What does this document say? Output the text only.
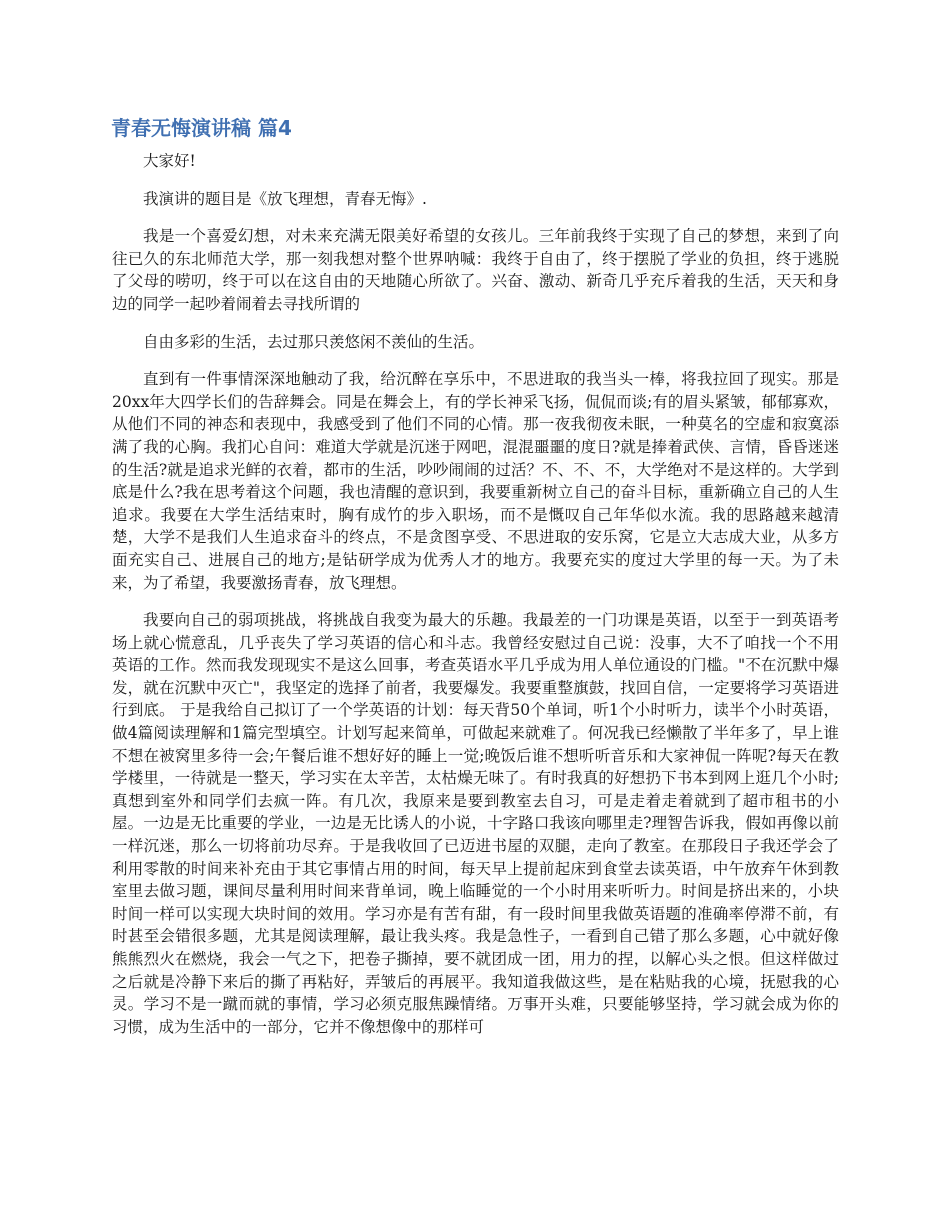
青春无悔演讲稿 篇4

大家好!

我演讲的题目是《放飞理想，青春无悔》.

我是一个喜爱幻想，对未来充满无限美好希望的女孩儿。三年前我终于实现了自己的梦想，来到了向往已久的东北师范大学，那一刻我想对整个世界呐喊：我终于自由了，终于摆脱了学业的负担，终于逃脱了父母的唠叨，终于可以在这自由的天地随心所欲了。兴奋、激动、新奇几乎充斥着我的生活，天天和身边的同学一起吵着闹着去寻找所谓的

自由多彩的生活，去过那只羡悠闲不羡仙的生活。

直到有一件事情深深地触动了我，给沉醉在享乐中，不思进取的我当头一棒，将我拉回了现实。那是20xx年大四学长们的告辞舞会。同是在舞会上，有的学长神采飞扬，侃侃而谈;有的眉头紧皱，郁郁寡欢，从他们不同的神态和表现中，我感受到了他们不同的心情。那一夜我彻夜未眠，一种莫名的空虚和寂寞添满了我的心胸。我扪心自问：难道大学就是沉迷于网吧，混混噩噩的度日?就是捧着武侠、言情，昏昏迷迷的生活?就是追求光鲜的衣着，都市的生活，吵吵闹闹的过活？不、不、不，大学绝对不是这样的。大学到底是什么?我在思考着这个问题，我也清醒的意识到，我要重新树立自己的奋斗目标，重新确立自己的人生追求。我要在大学生活结束时，胸有成竹的步入职场，而不是慨叹自己年华似水流。我的思路越来越清楚，大学不是我们人生追求奋斗的终点，不是贪图享受、不思进取的安乐窝，它是立大志成大业，从多方面充实自己、进展自己的地方;是钻研学成为优秀人才的地方。我要充实的度过大学里的每一天。为了未来，为了希望，我要激扬青春，放飞理想。

我要向自己的弱项挑战，将挑战自我变为最大的乐趣。我最差的一门功课是英语，以至于一到英语考场上就心慌意乱，几乎丧失了学习英语的信心和斗志。我曾经安慰过自己说：没事，大不了咱找一个不用英语的工作。然而我发现现实不是这么回事，考查英语水平几乎成为用人单位通设的门槛。"不在沉默中爆发，就在沉默中灭亡"，我坚定的选择了前者，我要爆发。我要重整旗鼓，找回自信，一定要将学习英语进行到底。 于是我给自己拟订了一个学英语的计划：每天背50个单词，听1个小时听力，读半个小时英语，做4篇阅读理解和1篇完型填空。计划写起来简单，可做起来就难了。何况我已经懒散了半年多了，早上谁不想在被窝里多待一会;午餐后谁不想好好的睡上一觉;晚饭后谁不想听听音乐和大家神侃一阵呢?每天在教学楼里，一待就是一整天，学习实在太辛苦，太枯燥无味了。有时我真的好想扔下书本到网上逛几个小时;真想到室外和同学们去疯一阵。有几次，我原来是要到教室去自习，可是走着走着就到了超市租书的小屋。一边是无比重要的学业，一边是无比诱人的小说，十字路口我该向哪里走?理智告诉我，假如再像以前一样沉迷，那么一切将前功尽弃。于是我收回了已迈进书屋的双腿，走向了教室。在那段日子我还学会了利用零散的时间来补充由于其它事情占用的时间，每天早上提前起床到食堂去读英语，中午放弃午休到教室里去做习题，课间尽量利用时间来背单词，晚上临睡觉的一个小时用来听听力。时间是挤出来的，小块时间一样可以实现大块时间的效用。学习亦是有苦有甜，有一段时间里我做英语题的准确率停滞不前，有时甚至会错很多题，尤其是阅读理解，最让我头疼。我是急性子，一看到自己错了那么多题，心中就好像熊熊烈火在燃烧，我会一气之下，把卷子撕掉，要不就团成一团，用力的捏，以解心头之恨。但这样做过之后就是冷静下来后的撕了再粘好，弄皱后的再展平。我知道我做这些，是在粘贴我的心境，抚慰我的心灵。学习不是一蹴而就的事情，学习必须克服焦躁情绪。万事开头难，只要能够坚持，学习就会成为你的习惯，成为生活中的一部分，它并不像想像中的那样可
